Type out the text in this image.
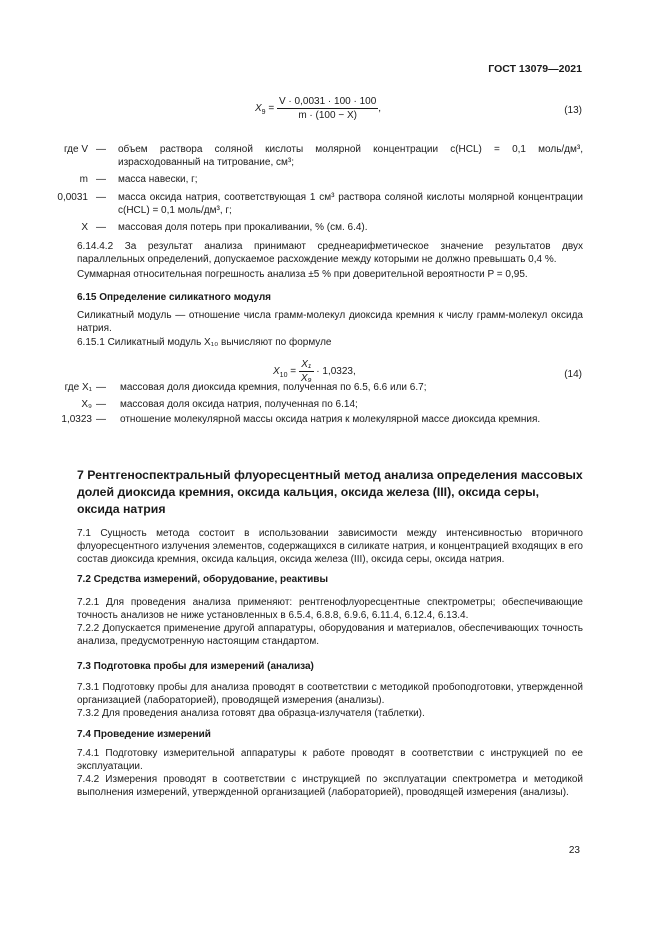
ГОСТ 13079—2021
$X_9 = \frac{V \cdot 0,0031 \cdot 100 \cdot 100}{m \cdot (100 - X)}$ ,	(13)
где V — объем раствора соляной кислоты молярной концентрации c(HCL) = 0,1 моль/дм³, израсходованный на титрование, см³;
m — масса навески, г;
0,0031 — масса оксида натрия, соответствующая 1 см³ раствора соляной кислоты молярной концентрации c(HCL) = 0,1 моль/дм³, г;
X — массовая доля потерь при прокаливании, % (см. 6.4).

6.14.4.2 За результат анализа принимают среднеарифметическое значение результатов двух параллельных определений, допускаемое расхождение между которыми не должно превышать 0,4 %.

Суммарная относительная погрешность анализа ±5 % при доверительной вероятности P = 0,95.

6.15 Определение силикатного модуля

Силикатный модуль — отношение числа грамм-молекул диоксида кремния к числу грамм-молекул оксида натрия.

6.15.1 Силикатный модуль X₁₀ вычисляют по формуле

$X_{10} = \frac{\text{X₁}}{\text{X₉}} \cdot 1,0323$,	(14)
где X₁ — массовая доля диоксида кремния, полученная по 6.5, 6.6 или 6.7;
X₉ — массовая доля оксида натрия, полученная по 6.14;
1,0323 — отношение молекулярной массы оксида натрия к молекулярной массе диоксида кремния.
7 Рентгеноспектральный флуоресцентный метод анализа определения массовых долей диоксида кремния, оксида кальция, оксида железа (III), оксида серы, оксида натрия

7.1 Сущность метода состоит в использовании зависимости между интенсивностью вторичного флуоресцентного излучения элементов, содержащихся в силикате натрия, и концентрацией входящих в его состав диоксида кремния, оксида кальция, оксида железа (III), оксида серы, оксида натрия.

7.2 Средства измерений, оборудование, реактивы

7.2.1 Для проведения анализа применяют: рентгенофлуоресцентные спектрометры; обеспечивающие точность анализов не ниже установленных в 6.5.4, 6.8.8, 6.9.6, 6.11.4, 6.12.4, 6.13.4.

7.2.2 Допускается применение другой аппаратуры, оборудования и материалов, обеспечивающих точность анализа, предусмотренную настоящим стандартом.

7.3 Подготовка пробы для измерений (анализа)

7.3.1 Подготовку пробы для анализа проводят в соответствии с методикой пробоподготовки, утвержденной организацией (лабораторией), проводящей измерения (анализы).

7.3.2 Для проведения анализа готовят два образца-излучателя (таблетки).

7.4 Проведение измерений

7.4.1 Подготовку измерительной аппаратуры к работе проводят в соответствии с инструкцией по ее эксплуатации.

7.4.2 Измерения проводят в соответствии с инструкцией по эксплуатации спектрометра и методикой выполнения измерений, утвержденной организацией (лабораторией), проводящей измерения (анализы).

23
